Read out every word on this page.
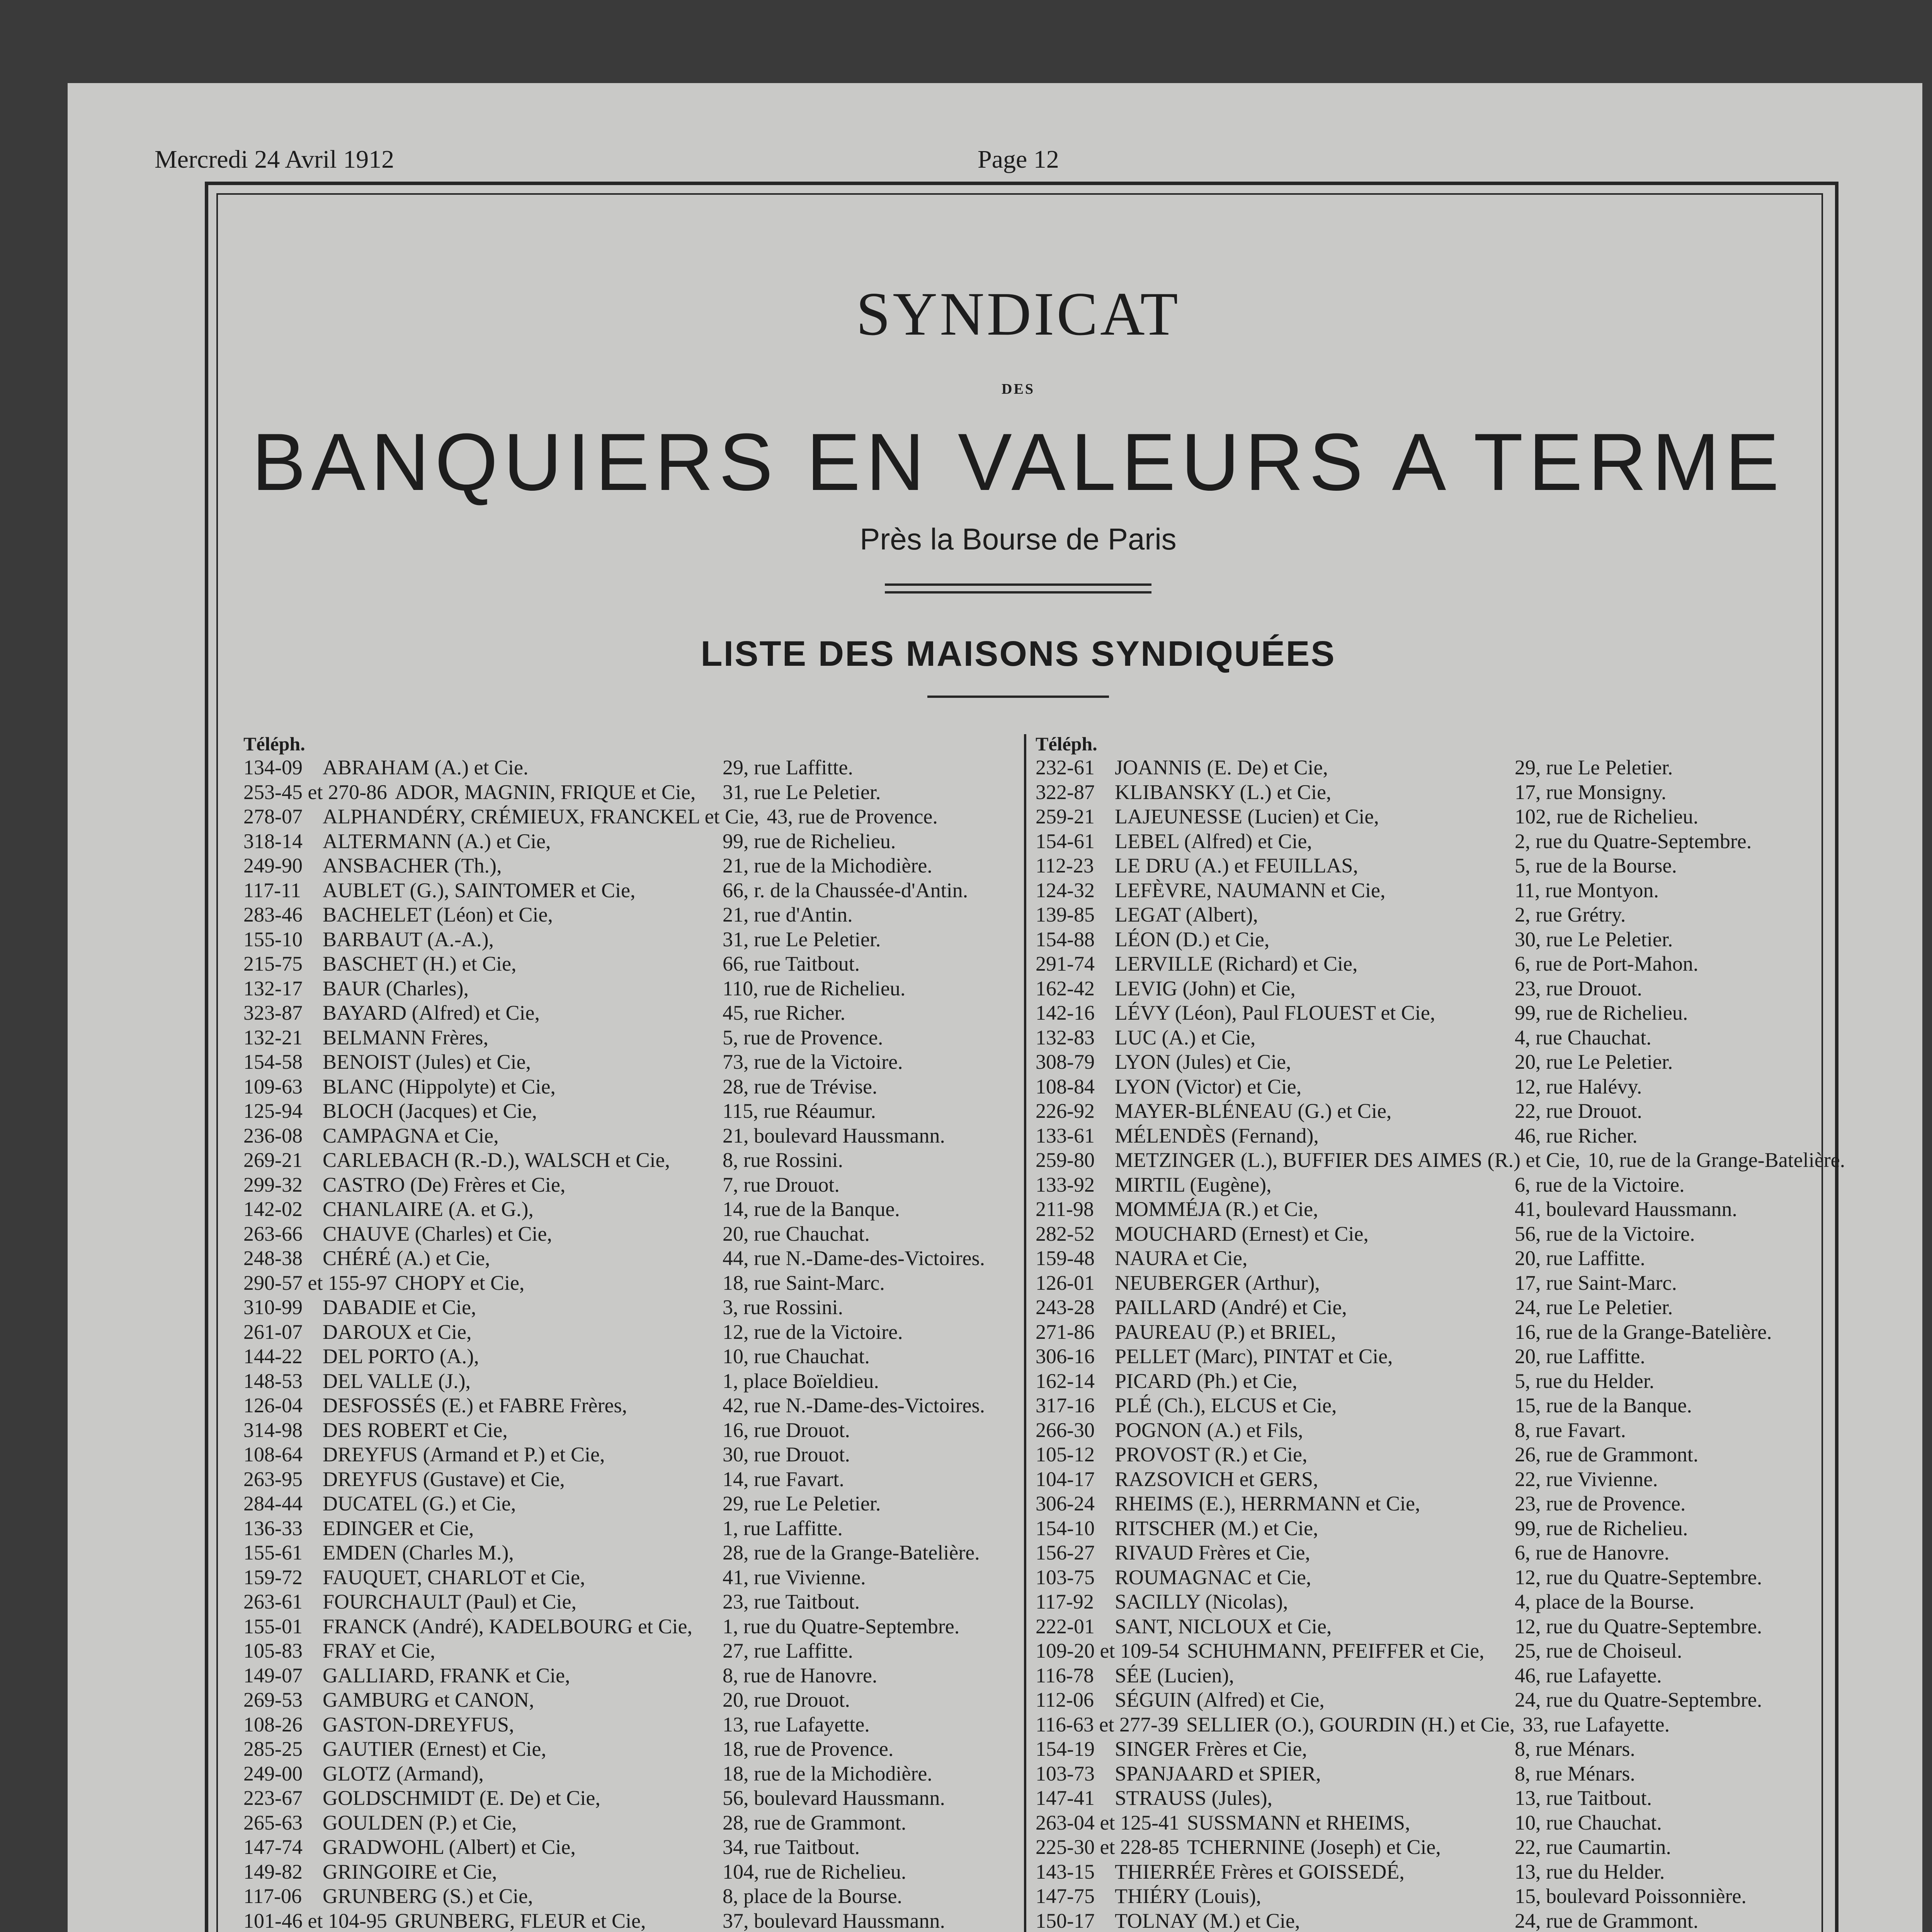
Mercredi 24 Avril 1912	Page 12
SYNDICAT
DES
BANQUIERS EN VALEURS A TERME
Près la Bourse de Paris
LISTE DES MAISONS SYNDIQUÉES
Téléph.
134-09 ABRAHAM (A.) et Cie.	29, rue Laffitte.
253-45 et 270-86 ADOR, MAGNIN, FRIQUE et Cie, 31, rue Le Peletier.
278-07 ALPHANDÉRY, CRÉMIEUX, FRANCKEL et Cie, 43, rue de Provence.
318-14 ALTERMANN (A.) et Cie,	99, rue de Richelieu.
249-90 ANSBACHER (Th.),	21, rue de la Michodière.
117-11 AUBLET (G.), SAINTOMER et Cie,	66, r. de la Chaussée-d'Antin.
283-46 BACHELET (Léon) et Cie,	21, rue d'Antin.
155-10 BARBAUT (A.-A.),	31, rue Le Peletier.
215-75 BASCHET (H.) et Cie,	66, rue Taitbout.
132-17 BAUR (Charles),	110, rue de Richelieu.
323-87 BAYARD (Alfred) et Cie,	45, rue Richer.
132-21 BELMANN Frères,	5, rue de Provence.
154-58 BENOIST (Jules) et Cie,	73, rue de la Victoire.
109-63 BLANC (Hippolyte) et Cie,	28, rue de Trévise.
125-94 BLOCH (Jacques) et Cie,	115, rue Réaumur.
236-08 CAMPAGNA et Cie,	21, boulevard Haussmann.
269-21 CARLEBACH (R.-D.), WALSCH et Cie,	8, rue Rossini.
299-32 CASTRO (De) Frères et Cie,	7, rue Drouot.
142-02 CHANLAIRE (A. et G.),	14, rue de la Banque.
263-66 CHAUVE (Charles) et Cie,	20, rue Chauchat.
248-38 CHÉRÉ (A.) et Cie,	44, rue N.-Dame-des-Victoires.
290-57 et 155-97 CHOPY et Cie,	18, rue Saint-Marc.
310-99 DABADIE et Cie,	3, rue Rossini.
261-07 DAROUX et Cie,	12, rue de la Victoire.
144-22 DEL PORTO (A.),	10, rue Chauchat.
148-53 DEL VALLE (J.),	1, place Boïeldieu.
126-04 DESFOSSÉS (E.) et FABRE Frères,	42, rue N.-Dame-des-Victoires.
314-98 DES ROBERT et Cie,	16, rue Drouot.
108-64 DREYFUS (Armand et P.) et Cie,	30, rue Drouot.
263-95 DREYFUS (Gustave) et Cie,	14, rue Favart.
284-44 DUCATEL (G.) et Cie,	29, rue Le Peletier.
136-33 EDINGER et Cie,	1, rue Laffitte.
155-61 EMDEN (Charles M.),	28, rue de la Grange-Batelière.
159-72 FAUQUET, CHARLOT et Cie,	41, rue Vivienne.
263-61 FOURCHAULT (Paul) et Cie,	23, rue Taitbout.
155-01 FRANCK (André), KADELBOURG et Cie, 1, rue du Quatre-Septembre.
105-83 FRAY et Cie,	27, rue Laffitte.
149-07 GALLIARD, FRANK et Cie,	8, rue de Hanovre.
269-53 GAMBURG et CANON,	20, rue Drouot.
108-26 GASTON-DREYFUS,	13, rue Lafayette.
285-25 GAUTIER (Ernest) et Cie,	18, rue de Provence.
249-00 GLOTZ (Armand),	18, rue de la Michodière.
223-67 GOLDSCHMIDT (E. De) et Cie,	56, boulevard Haussmann.
265-63 GOULDEN (P.) et Cie,	28, rue de Grammont.
147-74 GRADWOHL (Albert) et Cie,	34, rue Taitbout.
149-82 GRINGOIRE et Cie,	104, rue de Richelieu.
117-06 GRUNBERG (S.) et Cie,	8, place de la Bourse.
101-46 et 104-95 GRUNBERG, FLEUR et Cie,	37, boulevard Haussmann.
Téléph.
232-61 JOANNIS (E. De) et Cie,	29, rue Le Peletier.
322-87 KLIBANSKY (L.) et Cie,	17, rue Monsigny.
259-21 LAJEUNESSE (Lucien) et Cie,	102, rue de Richelieu.
154-61 LEBEL (Alfred) et Cie,	2, rue du Quatre-Septembre.
112-23 LE DRU (A.) et FEUILLAS,	5, rue de la Bourse.
124-32 LEFÈVRE, NAUMANN et Cie,	11, rue Montyon.
139-85 LEGAT (Albert),	2, rue Grétry.
154-88 LÉON (D.) et Cie,	30, rue Le Peletier.
291-74 LERVILLE (Richard) et Cie,	6, rue de Port-Mahon.
162-42 LEVIG (John) et Cie,	23, rue Drouot.
142-16 LÉVY (Léon), Paul FLOUEST et Cie,	99, rue de Richelieu.
132-83 LUC (A.) et Cie,	4, rue Chauchat.
308-79 LYON (Jules) et Cie,	20, rue Le Peletier.
108-84 LYON (Victor) et Cie,	12, rue Halévy.
226-92 MAYER-BLÉNEAU (G.) et Cie,	22, rue Drouot.
133-61 MÉLENDÈS (Fernand),	46, rue Richer.
259-80 METZINGER (L.), BUFFIER DES AIMES (R.) et Cie, 10, rue de la Grange-Batelière.
133-92 MIRTIL (Eugène),	6, rue de la Victoire.
211-98 MOMMÉJA (R.) et Cie,	41, boulevard Haussmann.
282-52 MOUCHARD (Ernest) et Cie,	56, rue de la Victoire.
159-48 NAURA et Cie,	20, rue Laffitte.
126-01 NEUBERGER (Arthur),	17, rue Saint-Marc.
243-28 PAILLARD (André) et Cie,	24, rue Le Peletier.
271-86 PAUREAU (P.) et BRIEL,	16, rue de la Grange-Batelière.
306-16 PELLET (Marc), PINTAT et Cie,	20, rue Laffitte.
162-14 PICARD (Ph.) et Cie,	5, rue du Helder.
317-16 PLÉ (Ch.), ELCUS et Cie,	15, rue de la Banque.
266-30 POGNON (A.) et Fils,	8, rue Favart.
105-12 PROVOST (R.) et Cie,	26, rue de Grammont.
104-17 RAZSOVICH et GERS,	22, rue Vivienne.
306-24 RHEIMS (E.), HERRMANN et Cie,	23, rue de Provence.
154-10 RITSCHER (M.) et Cie,	99, rue de Richelieu.
156-27 RIVAUD Frères et Cie,	6, rue de Hanovre.
103-75 ROUMAGNAC et Cie,	12, rue du Quatre-Septembre.
117-92 SACILLY (Nicolas),	4, place de la Bourse.
222-01 SANT, NICLOUX et Cie,	12, rue du Quatre-Septembre.
109-20 et 109-54 SCHUHMANN, PFEIFFER et Cie, 25, rue de Choiseul.
116-78 SÉE (Lucien),	46, rue Lafayette.
112-06 SÉGUIN (Alfred) et Cie,	24, rue du Quatre-Septembre.
116-63 et 277-39 SELLIER (O.), GOURDIN (H.) et Cie, 33, rue Lafayette.
154-19 SINGER Frères et Cie,	8, rue Ménars.
103-73 SPANJAARD et SPIER,	8, rue Ménars.
147-41 STRAUSS (Jules),	13, rue Taitbout.
263-04 et 125-41 SUSSMANN et RHEIMS,	10, rue Chauchat.
225-30 et 228-85 TCHERNINE (Joseph) et Cie,	22, rue Caumartin.
143-15 THIERRÉE Frères et GOISSEDÉ,	13, rue du Helder.
147-75 THIÉRY (Louis),	15, boulevard Poissonnière.
150-17 TOLNAY (M.) et Cie,	24, rue de Grammont.
